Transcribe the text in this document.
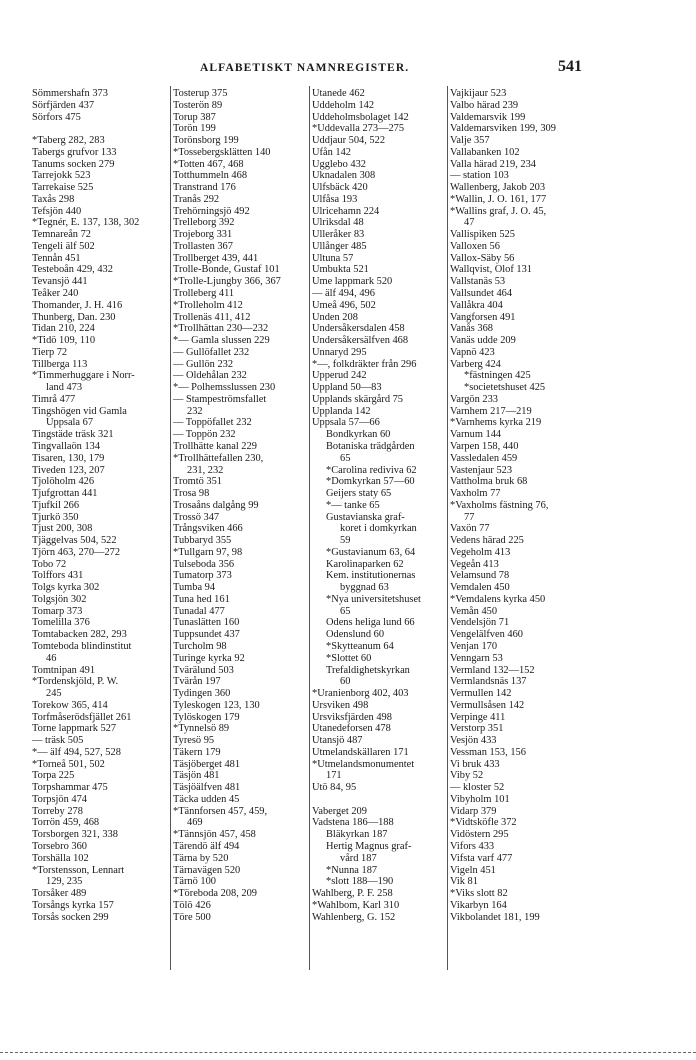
ALFABETISKT NAMNREGISTER.	541
Sömmershafn 373
Sörfjärden 437
Sörfors 475
*Taberg 282, 283
Tabergs grufvor 133
Tanums socken 279
Tarrejokk 523
Tarrekaise 525
Taxås 298
Tefsjön 440
*Tegnér, E. 137, 138, 302
Temnareån 72
Tengeli älf 502
Tennån 451
Testeboån 429, 432
Tevansjö 441
Teåker 240
Thomander, J. H. 416
Thunberg, Dan. 230
Tidan 210, 224
*Tidö 109, 110
Tierp 72
Tillberga 113
*Timmerhuggare i Norr-
land 473
Timrå 477
Tingshögen vid Gamla
Uppsala 67
Tingstäde träsk 321
Tingvallaön 134
Tisaren, 130, 179
Tiveden 123, 207
Tjolöholm 426
Tjufgrottan 441
Tjufkil 266
Tjurkö 350
Tjust 200, 308
Tjäggelvas 504, 522
Tjörn 463, 270—272
Tobo 72
Tolffors 431
Tolgs kyrka 302
Tolgsjön 302
Tomarp 373
Tomelilla 376
Tomtabacken 282, 293
Tomteboda blindinstitut
46
Tomtnipan 491
*Tordenskjöld, P. W.
245
Torekow 365, 414
Torfmåserödsfjället 261
Torne lappmark 527
— träsk 505
*— älf 494, 527, 528
*Torneå 501, 502
Torpa 225
Torpshammar 475
Torpsjön 474
Torreby 278
Torrön 459, 468
Torsborgen 321, 338
Torsebro 360
Torshälla 102
*Torstensson, Lennart
129, 235
Torsåker 489
Torsångs kyrka 157
Torsås socken 299
Tosterup 375
Tosterön 89
Torup 387
Torön 199
Torönsborg 199
*Tossebergsklätten 140
*Totten 467, 468
Totthummeln 468
Transtrand 176
Tranås 292
Trehörningsjö 492
Trelleborg 392
Trojeborg 331
Trollasten 367
Trollberget 439, 441
Trolle-Bonde, Gustaf 101
*Trolle-Ljungby 366, 367
Trolleberg 411
*Trolleholm 412
Trollenäs 411, 412
*Trollhättan 230—232
*— Gamla slussen 229
— Gullöfallet 232
— Gullön 232
— Oldehålan 232
*— Polhemsslussen 230
— Stampeströmsfallet
232
— Toppöfallet 232
— Toppön 232
Trollhätte kanal 229
*Trollhättefallen 230,
231, 232
Tromtö 351
Trosa 98
Trosaåns dalgång 99
Trossö 347
Trångsviken 466
Tubbaryd 355
*Tullgarn 97, 98
Tulseboda 356
Tumatorp 373
Tumba 94
Tuna hed 161
Tunadal 477
Tunaslätten 160
Tuppsundet 437
Turcholm 98
Turinge kyrka 92
Tvärälund 503
Tvärån 197
Tydingen 360
Tyleskogen 123, 130
Tylöskogen 179
*Tynnelsö 89
Tyresö 95
Täkern 179
Täsjöberget 481
Täsjön 481
Täsjöälfven 481
Täcka udden 45
*Tännforsen 457, 459,
469
*Tännsjön 457, 458
Tärendö älf 494
Tärna by 520
Tärnavägen 520
Tärnö 100
*Töreboda 208, 209
Tölö 426
Töre 500
Utanede 462
Uddeholm 142
Uddeholmsbolaget 142
*Uddevalla 273—275
Uddjaur 504, 522
Ufån 142
Ugglebo 432
Uknadalen 308
Ulfsbäck 420
Ulfåsa 193
Ulricehamn 224
Ulriksdal 48
Ulleråker 83
Ullånger 485
Ultuna 57
Umbukta 521
Ume lappmark 520
— älf 494, 496
Umeå 496, 502
Unden 208
Undersåkersdalen 458
Undersåkersälfven 468
Unnaryd 295
*—, folkdräkter från 296
Upperud 242
Uppland 50—83
Upplands skärgård 75
Upplanda 142
Uppsala 57—66
Bondkyrkan 60
Botaniska trädgården
65
*Carolina rediviva 62
*Domkyrkan 57—60
Geijers staty 65
*— tanke 65
Gustavianska graf-
koret i domkyrkan
59
*Gustavianum 63, 64
Karolinaparken 62
Kem. institutionernas
byggnad 63
*Nya universitetshuset
65
Odens heliga lund 66
Odenslund 60
*Skytteanum 64
*Slottet 60
Trefaldighetskyrkan
60
*Uranienborg 402, 403
Ursviken 498
Ursviksfjärden 498
Utanedeforsen 478
Utansjö 487
Utmelandskällaren 171
*Utmelandsmonumentet
171
Utö 84, 95
Vaberget 209
Vadstena 186—188
Bläkyrkan 187
Hertig Magnus graf-
vård 187
*Nunna 187
*slott 188—190
Wahlberg, P. F. 258
*Wahlbom, Karl 310
Wahlenberg, G. 152
Vajkijaur 523
Valbo härad 239
Valdemarsvik 199
Valdemarsviken 199, 309
Valje 357
Vallabanken 102
Valla härad 219, 234
— station 103
Wallenberg, Jakob 203
*Wallin, J. O. 161, 177
*Wallins graf, J. O. 45,
47
Vallispiken 525
Valloxen 56
Vallox-Säby 56
Wallqvist, Olof 131
Vallstanäs 53
Vallsundet 464
Vallåkra 404
Vangforsen 491
Vanås 368
Vanäs udde 209
Vapnö 423
Varberg 424
*fästningen 425
*societetshuset 425
Vargön 233
Varnhem 217—219
*Varnhems kyrka 219
Varnum 144
Varpen 158, 440
Vassledalen 459
Vastenjaur 523
Vattholma bruk 68
Vaxholm 77
*Vaxholms fästning 76,
77
Vaxön 77
Vedens härad 225
Vegeholm 413
Vegeån 413
Velamsund 78
Vemdalen 450
*Vemdalens kyrka 450
Vemån 450
Vendelsjön 71
Vengelälfven 460
Venjan 170
Venngarn 53
Vermland 132—152
Vermlandsnäs 137
Vermullen 142
Vermullsåsen 142
Verpinge 411
Verstorp 351
Vesjön 433
Vessman 153, 156
Vi bruk 433
Viby 52
— kloster 52
Vibyholm 101
Vidarp 379
*Vidtsköfle 372
Vidöstern 295
Vifors 433
Vifsta varf 477
Vigeln 451
Vik 81
*Viks slott 82
Vikarbyn 164
Vikbolandet 181, 199
